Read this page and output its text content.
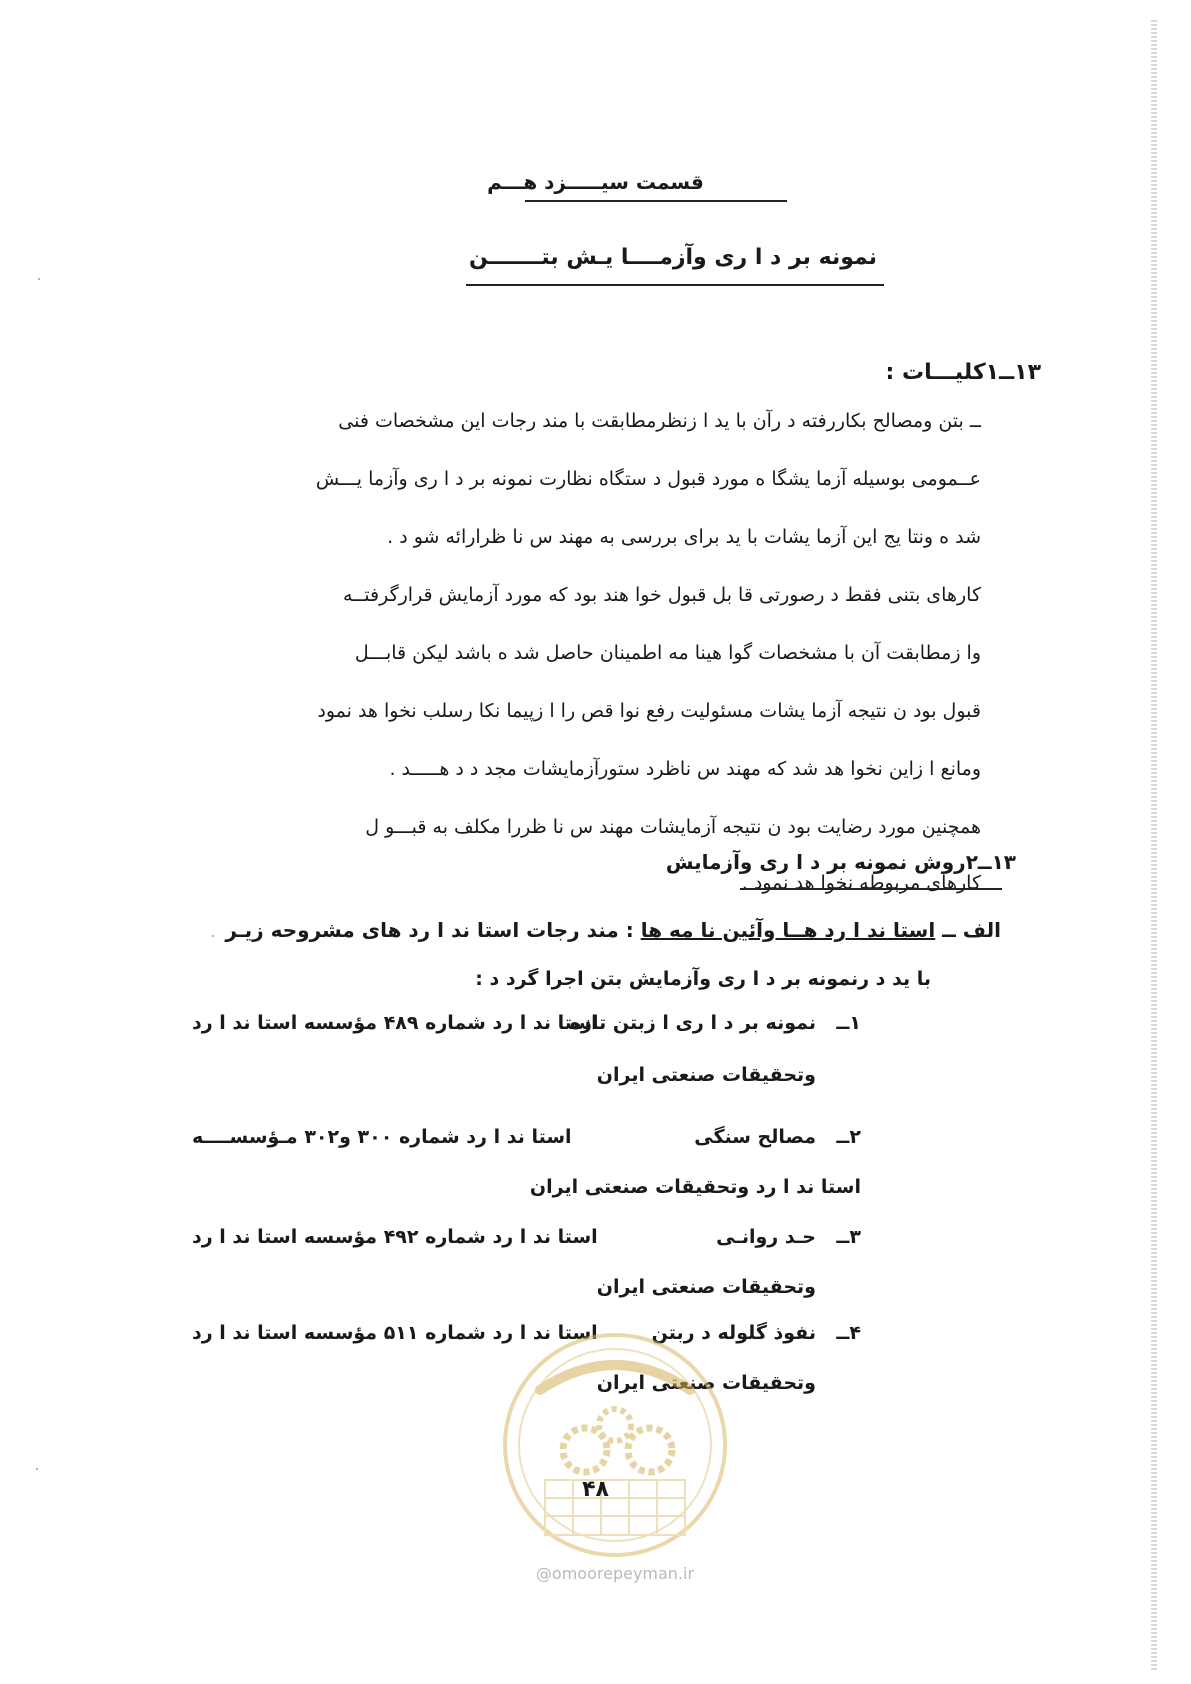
قسمت سیـــــزد هـــم
نمونه بر د ا ری وآزمــــا یـش بتـــــــن
۱۳ــ۱کلیـــات :
ــ بتن ومصالح بکاررفته د رآن با ید ا زنظرمطابقت با مند رجات این مشخصات فنی
عــمومی بوسیله آزما یشگا ه مورد قبول د ستگاه نظارت نمونه بر د ا ری وآزما یـــش
شد ه ونتا یج این آزما یشات با ید برای بررسی به مهند س نا ظرارائه شو د .
کارهای بتنی فقط د رصورتی قا بل قبول خوا هند بود که مورد آزمایش قرارگرفتــه
وا زمطابقت آن با مشخصات گوا هینا مه اطمینان حاصل شد ه باشد لیکن قابـــل
قبول بود ن نتیجه آزما یشات مسئولیت رفع نوا قص را ا زپیما نکا رسلب نخوا هد نمود
ومانع ا زاین نخوا هد شد که مهند س ناظرد ستورآزمایشات مجد د د هـــــد .
همچنین مورد رضایت بود ن نتیجه آزمایشات مهند س نا ظررا مکلف به قبـــو ل
کارهای مربوطه نخوا هد نمود .
۱۳ــ۲روش نمونه بر د ا ری وآزمایش
الف ــ استا ند ا رد هــا وآئین نا مه ها : مند رجات استا ند ا رد های مشروحه زیـر
با ید د رنمونه بر د ا ری وآزمایش بتن اجرا گرد د :
۱ــ
نمونه بر د ا ری ا زبتن تازه
استا ند ا رد شماره ۴۸۹ مؤسسه استا ند ا رد
وتحقیقات صنعتی ایران
۲ــ
مصالح سنگی
استا ند ا رد شماره ۳۰۰ و۳۰۲ مـؤسســــه
استا ند ا رد وتحقیقات صنعتی ایران
۳ــ
حـد روانـی
استا ند ا رد شماره ۴۹۲ مؤسسه استا ند ا رد
وتحقیقات صنعتی ایران
۴ــ
نفوذ گلوله د ربتن
استا ند ا رد شماره ۵۱۱ مؤسسه استا ند ا رد
وتحقیقات صنعتی ایران
۴۸
@omoorepeyman.ir
